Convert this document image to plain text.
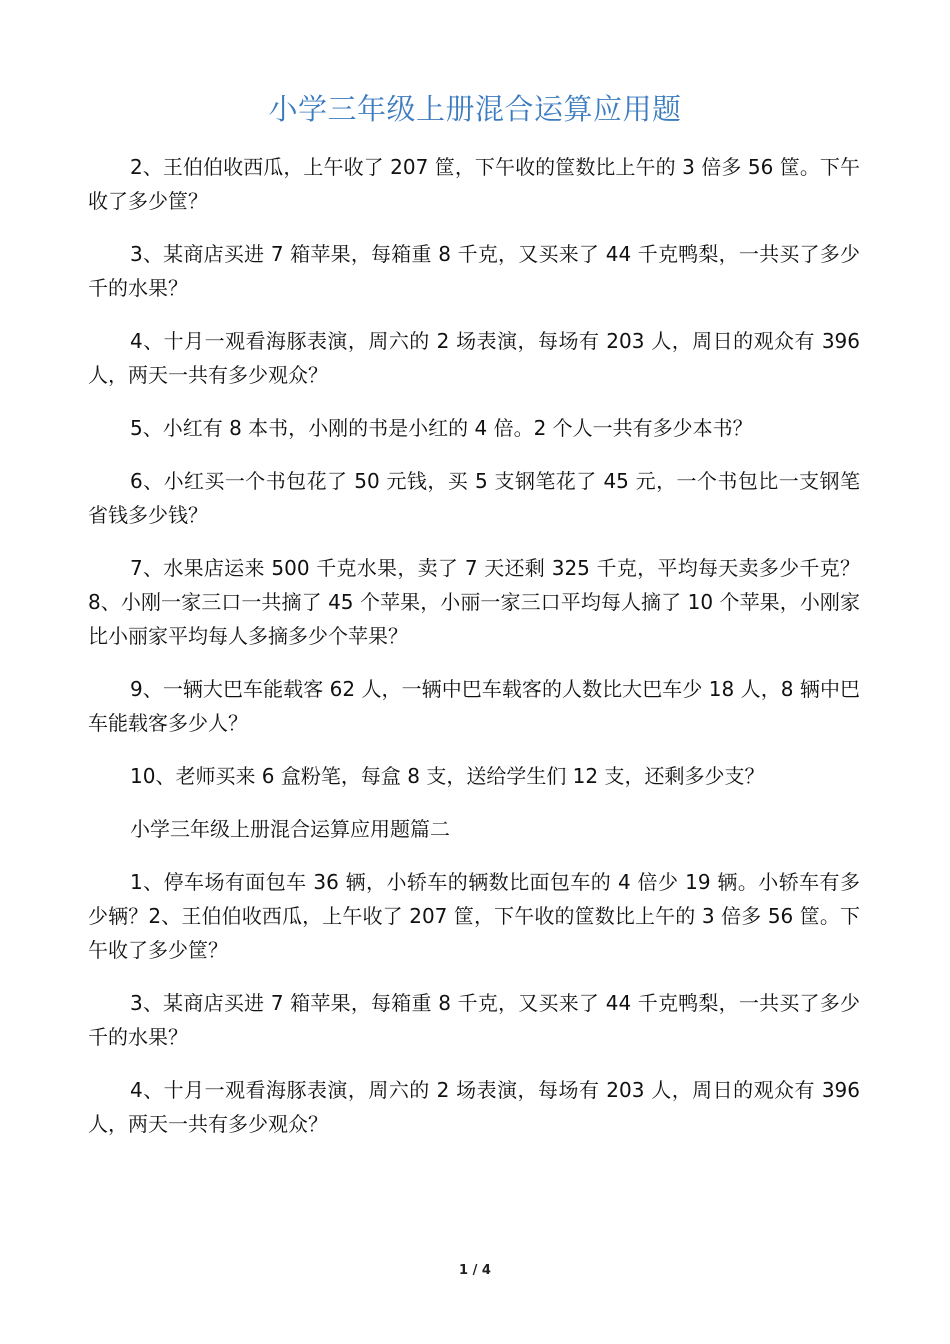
小学三年级上册混合运算应用题

2、王伯伯收西瓜，上午收了 207 筐，下午收的筐数比上午的 3 倍多 56 筐。下午收了多少筐？

3、某商店买进 7 箱苹果，每箱重 8 千克，又买来了 44 千克鸭梨，一共买了多少千的水果？

4、十月一观看海豚表演，周六的 2 场表演，每场有 203 人，周日的观众有 396 人，两天一共有多少观众？

5、小红有 8 本书，小刚的书是小红的 4 倍。2 个人一共有多少本书？

6、小红买一个书包花了 50 元钱，买 5 支钢笔花了 45 元，一个书包比一支钢笔省钱多少钱？

7、水果店运来 500 千克水果，卖了 7 天还剩 325 千克，平均每天卖多少千克？8、小刚一家三口一共摘了 45 个苹果，小丽一家三口平均每人摘了 10 个苹果，小刚家比小丽家平均每人多摘多少个苹果？

9、一辆大巴车能载客 62 人，一辆中巴车载客的人数比大巴车少 18 人，8 辆中巴车能载客多少人？

10、老师买来 6 盒粉笔，每盒 8 支，送给学生们 12 支，还剩多少支？

小学三年级上册混合运算应用题篇二

1、停车场有面包车 36 辆，小轿车的辆数比面包车的 4 倍少 19 辆。小轿车有多少辆？2、王伯伯收西瓜，上午收了 207 筐，下午收的筐数比上午的 3 倍多 56 筐。下午收了多少筐？

3、某商店买进 7 箱苹果，每箱重 8 千克，又买来了 44 千克鸭梨，一共买了多少千的水果？

4、十月一观看海豚表演，周六的 2 场表演，每场有 203 人，周日的观众有 396 人，两天一共有多少观众？

1 / 4
